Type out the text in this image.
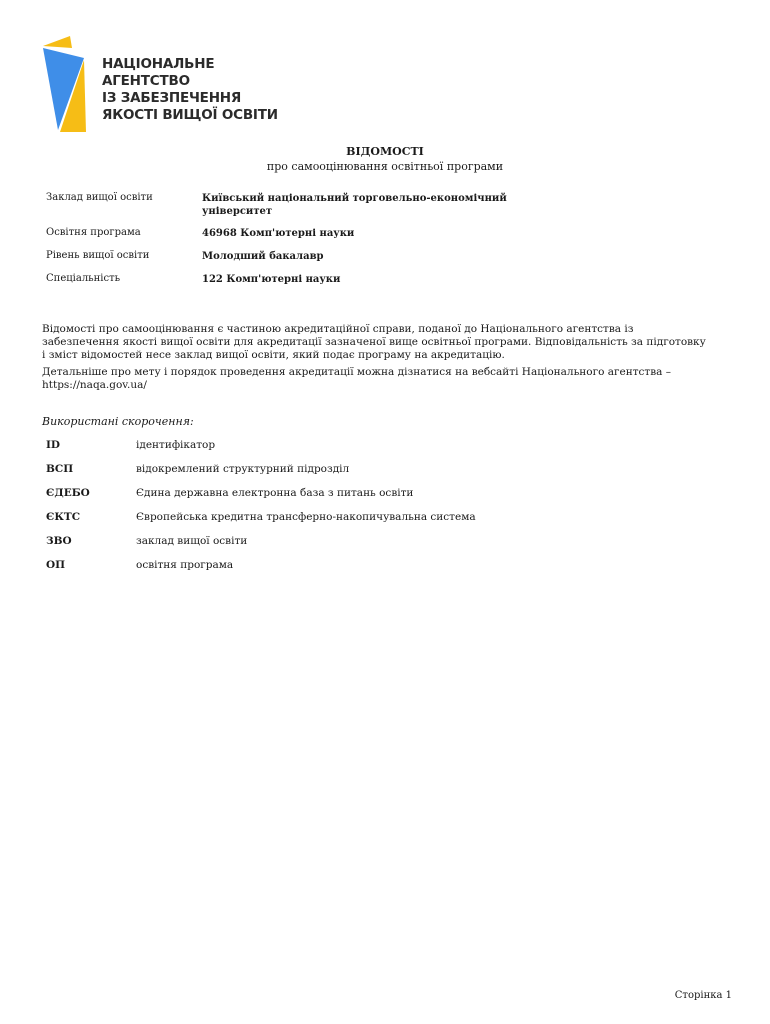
НАЦІОНАЛЬНЕ
АГЕНТСТВО
ІЗ ЗАБЕЗПЕЧЕННЯ
ЯКОСТІ ВИЩОЇ ОСВІТИ
ВІДОМОСТІ
про самооцінювання освітньої програми
Заклад вищої освіти	Київський національний торговельно-економічний університет
Освітня програма	46968 Комп'ютерні науки
Рівень вищої освіти	Молодший бакалавр
Спеціальність	122 Комп'ютерні науки
Відомості про самооцінювання є частиною акредитаційної справи, поданої до Національного агентства із забезпечення якості вищої освіти для акредитації зазначеної вище освітньої програми. Відповідальність за підготовку і зміст відомостей несе заклад вищої освіти, який подає програму на акредитацію.
Детальніше про мету і порядок проведення акредитації можна дізнатися на вебсайті Національного агентства – https://naqa.gov.ua/
Використані скорочення:
ID	ідентифікатор
ВСП	відокремлений структурний підрозділ
ЄДЕБО	Єдина державна електронна база з питань освіти
ЄКТС	Європейська кредитна трансферно-накопичувальна система
ЗВО	заклад вищої освіти
ОП	освітня програма
Сторінка 1
